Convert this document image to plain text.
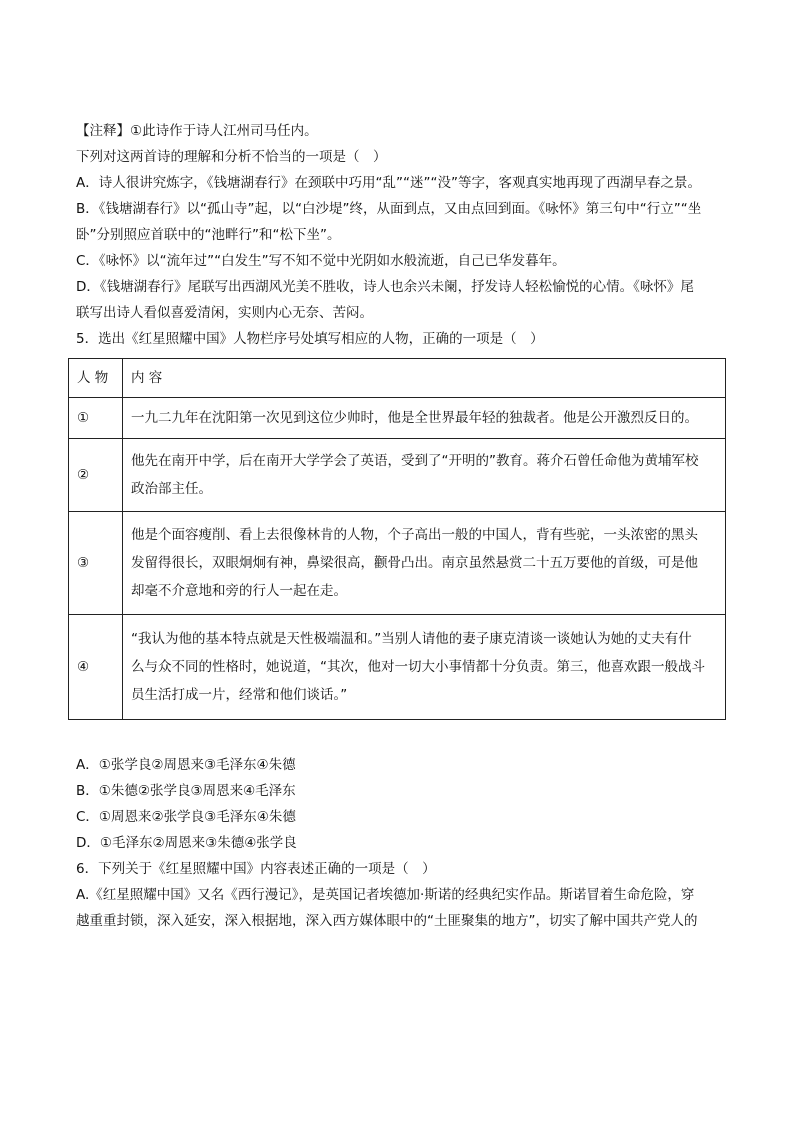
【注释】①此诗作于诗人江州司马任内。
下列对这两首诗的理解和分析不恰当的一项是（　）
A．诗人很讲究炼字，《钱塘湖春行》在颈联中巧用“乱”“迷”“没”等字，客观真实地再现了西湖早春之景。
B．《钱塘湖春行》以“孤山寺”起，以“白沙堤”终，从面到点，又由点回到面。《咏怀》第三句中“行立”“坐
卧”分别照应首联中的“池畔行”和“松下坐”。
C．《咏怀》以“流年过”“白发生”写不知不觉中光阴如水般流逝，自己已华发暮年。
D．《钱塘湖春行》尾联写出西湖风光美不胜收，诗人也余兴未阑，抒发诗人轻松愉悦的心情。《咏怀》尾
联写出诗人看似喜爱清闲，实则内心无奈、苦闷。
5．选出《红星照耀中国》人物栏序号处填写相应的人物，正确的一项是（　）
人 物	内 容
①	一九二九年在沈阳第一次见到这位少帅时，他是全世界最年轻的独裁者。他是公开激烈反日的。

②	他先在南开中学，后在南开大学学会了英语，受到了“开明的”教育。蒋介石曾任命他为黄埔军校
政治部主任。

③	他是个面容瘦削、看上去很像林肯的人物，个子高出一般的中国人，背有些驼，一头浓密的黑头
发留得很长，双眼炯炯有神，鼻梁很高，颧骨凸出。南京虽然悬赏二十五万要他的首级，可是他
却毫不介意地和旁的行人一起在走。

④	“我认为他的基本特点就是天性极端温和。”当别人请他的妻子康克清谈一谈她认为她的丈夫有什
么与众不同的性格时，她说道，“其次，他对一切大小事情都十分负责。第三，他喜欢跟一般战斗
员生活打成一片，经常和他们谈话。”
A．①张学良②周恩来③毛泽东④朱德
B．①朱德②张学良③周恩来④毛泽东
C．①周恩来②张学良③毛泽东④朱德
D．①毛泽东②周恩来③朱德④张学良
6．下列关于《红星照耀中国》内容表述正确的一项是（　）
A.《红星照耀中国》又名《西行漫记》，是英国记者埃德加·斯诺的经典纪实作品。斯诺冒着生命危险，穿
越重重封锁，深入延安，深入根据地，深入西方媒体眼中的“土匪聚集的地方”，切实了解中国共产党人的
